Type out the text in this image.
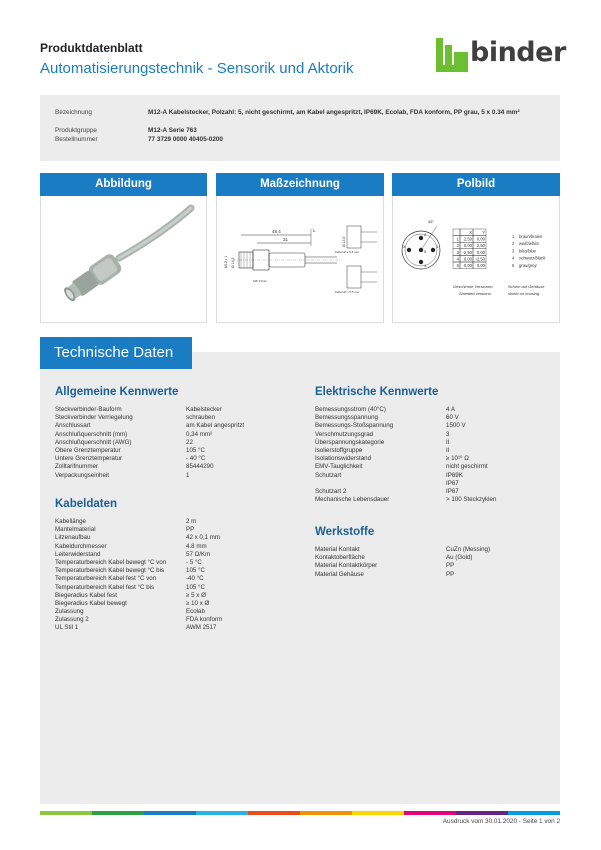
Produktdatenblatt
Automatisierungstechnik - Sensorik und Aktorik
binder
Bezeichnung	M12-A Kabelstecker, Polzahl: 5, nicht geschirmt, am Kabel angespritzt, IP69K, Ecolab, FDA konform, PP grau, 5 x 0.34 mm²
Produktgruppe	M12-A Serie 763
Bestellnummer	77 3729 0000 40405-0200
Abbildung	Maßzeichnung	Polbild
48,4
31
L
M12 x 1 Ø 14,5
SW 13mm
Ø 14,5
Kabel Ø ≤ 5,5 mm
Kabel Ø > 5,5 mm
1
2
3
4
5
45°
X Y
1 2,50 0,00
2 0,00 2,50
3 -2,50 0,00
4 0,00 -2,50
5 0,00 0,00
1 braun/brown
2 weiß/white
3 blau/blue
4 schwarz/black
5 grau/grey
Geschirmte Versionen:	Schirm auf Gehäuse
Shielded versions:	shield on housing
Technische Daten
Allgemeine Kennwerte
Steckverbinder-Bauform	Kabelstecker
Steckverbinder Verriegelung	schrauben
Anschlussart	am Kabel angespritzt
Anschlußquerschnitt (mm)	0,34 mm²
Anschlußquerschnitt (AWG)	22
Obere Grenztemperatur	105 °C
Untere Grenztemperatur	- 40 °C
Zolltarifnummer	85444290
Verpackungseinheit	1
Kabeldaten
Kabellänge	2 m
Mantelmaterial	PP
Litzenaufbau	42 x 0,1 mm
Kabeldurchmesser	4.8 mm
Leiterwiderstand	57 Ω/Km
Temperaturbereich Kabel bewegt °C von	- 5 °C
Temperaturbereich Kabel bewegt °C bis	105 °C
Temperaturbereich Kabel fest °C von	-40 °C
Temperaturbereich Kabel fest °C bis	105 °C
Biegeradius Kabel fest	≥ 5 x Ø
Biegeradius Kabel bewegt	≥ 10 x Ø
Zulassung	Ecolab
Zulassung 2	FDA konform
UL Stil 1	AWM 2517
Elektrische Kennwerte
Bemessungsstrom (40°C)	4 A
Bemessungsspannung	60 V
Bemessungs-Stoßspannung	1500 V
Verschmutzungsgrad	3
Überspannungskategorie	II
Isolierstoffgruppe	II
Isolationswiderstand	≥ 10¹⁰ Ω
EMV-Tauglichkeit	nicht geschirmt
Schutzart	IP69K
IP67
Schutzart 2	IP67
Mechanische Lebensdauer	> 100 Steckzyklen
Werkstoffe
Material Kontakt	CuZn (Messing)
Kontaktoberfläche	Au (Gold)
Material Kontaktkörper	PP
Material Gehäuse	PP
Ausdruck vom 30.01.2020 - Seite 1 von 2
